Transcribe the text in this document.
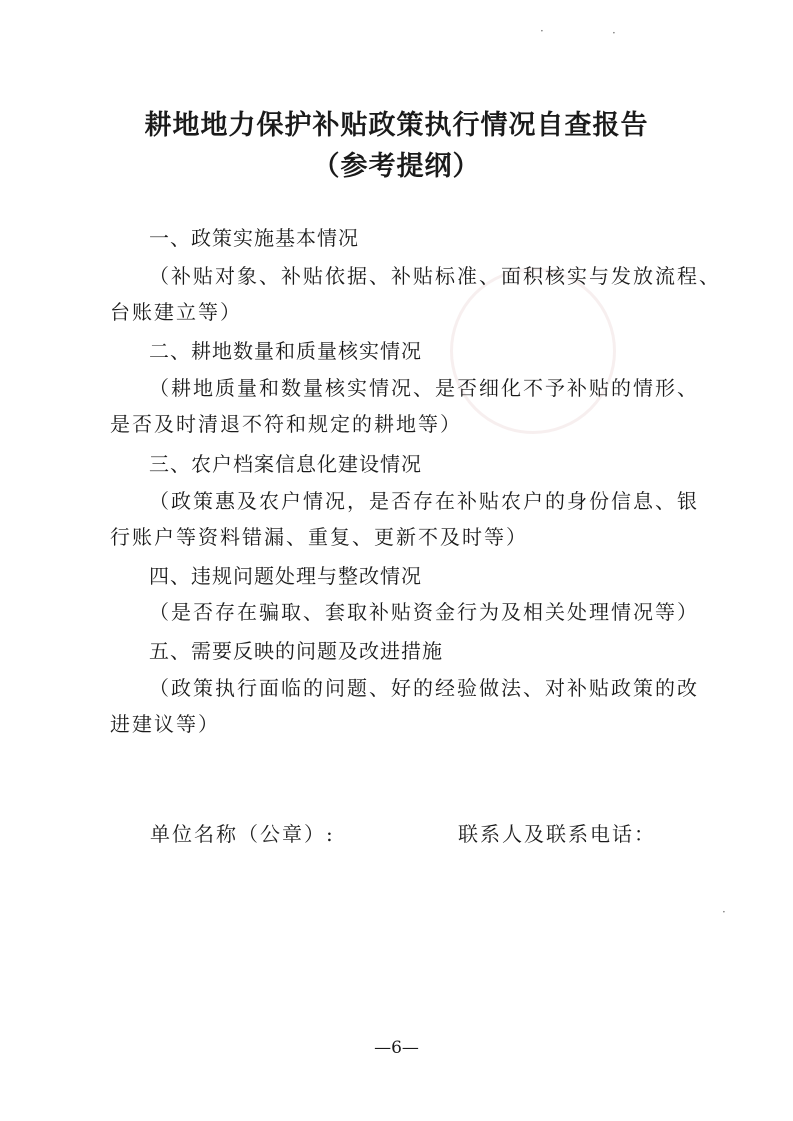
耕地地力保护补贴政策执行情况自查报告
（参考提纲）
一、政策实施基本情况

（补贴对象、补贴依据、补贴标准、面积核实与发放流程、

台账建立等）

二、耕地数量和质量核实情况

（耕地质量和数量核实情况、是否细化不予补贴的情形、

是否及时清退不符和规定的耕地等）

三、农户档案信息化建设情况

（政策惠及农户情况，是否存在补贴农户的身份信息、银

行账户等资料错漏、重复、更新不及时等）

四、违规问题处理与整改情况

（是否存在骗取、套取补贴资金行为及相关处理情况等）

五、需要反映的问题及改进措施

（政策执行面临的问题、好的经验做法、对补贴政策的改

进建议等）

单位名称（公章）:	联系人及联系电话：

—6—
·	·
·
